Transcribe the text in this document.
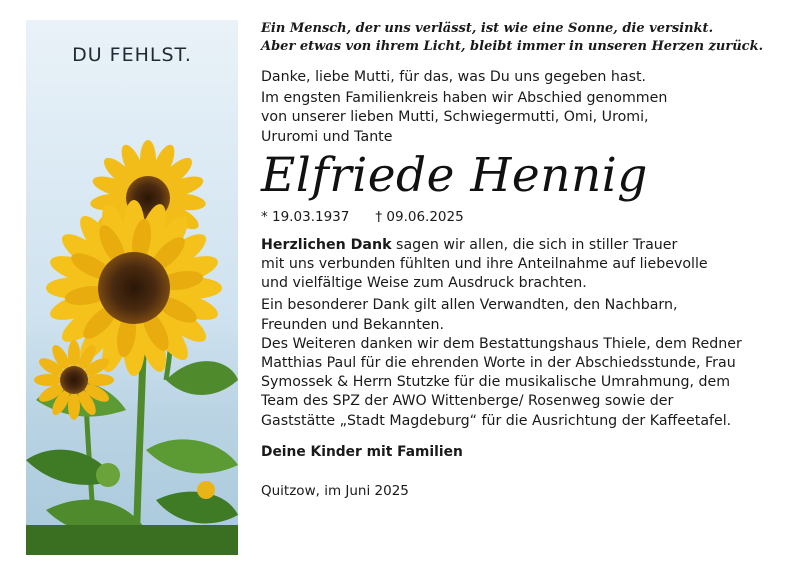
DU FEHLST.

Ein Mensch, der uns verlässt, ist wie eine Sonne, die versinkt.

Aber etwas von ihrem Licht, bleibt immer in unseren Herzen zurück.

Danke, liebe Mutti, für das, was Du uns gegeben hast.

Im engsten Familienkreis haben wir Abschied genommen

von unserer lieben Mutti, Schwiegermutti, Omi, Uromi,

Ururomi und Tante

Elfriede Hennig

* 19.03.1937 † 09.06.2025

Herzlichen Dank sagen wir allen, die sich in stiller Trauer

mit uns verbunden fühlten und ihre Anteilnahme auf liebevolle

und vielfältige Weise zum Ausdruck brachten.

Ein besonderer Dank gilt allen Verwandten, den Nachbarn,

Freunden und Bekannten.

Des Weiteren danken wir dem Bestattungshaus Thiele, dem Redner

Matthias Paul für die ehrenden Worte in der Abschiedsstunde, Frau

Symossek & Herrn Stutzke für die musikalische Umrahmung, dem

Team des SPZ der AWO Wittenberge/ Rosenweg sowie der

Gaststätte „Stadt Magdeburg“ für die Ausrichtung der Kaffeetafel.

Deine Kinder mit Familien

Quitzow, im Juni 2025
